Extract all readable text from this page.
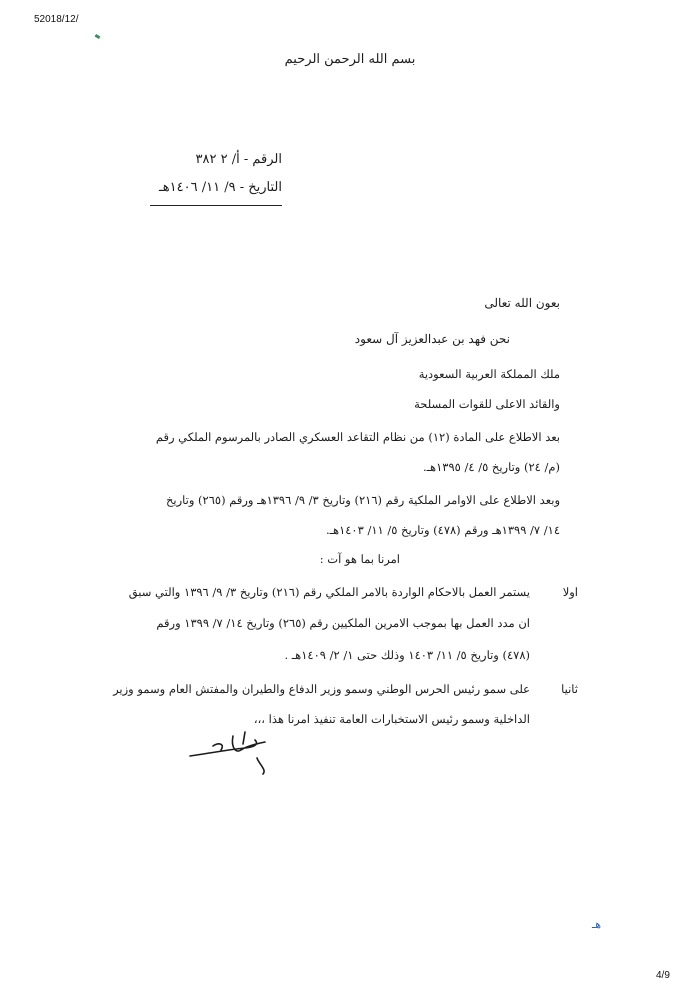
52018/12/
بسم الله الرحمن الرحيم
الرقم - أ/ ٢ ٣٨٢
التاريخ - ٩/ ١١/ ١٤٠٦هـ
بعون الله تعالى
نحن فهد بن عبدالعزيز آل سعود
ملك المملكة العربية السعودية
والقائد الاعلى للقوات المسلحة
بعد الاطلاع على المادة (١٢) من نظام التقاعد العسكري الصادر بالمرسوم الملكي رقم
(م/ ٢٤) وتاريخ ٥/ ٤/ ١٣٩٥هـ.
وبعد الاطلاع على الاوامر الملكية رقم (٢١٦) وتاريخ ٣/ ٩/ ١٣٩٦هـ ورقم (٢٦٥) وتاريخ
١٤/ ٧/ ١٣٩٩هـ ورقم (٤٧٨) وتاريخ ٥/ ١١/ ١٤٠٣هـ.
امرنا بما هو آت :
اولا
يستمر العمل بالاحكام الواردة بالامر الملكي رقم (٢١٦) وتاريخ ٣/ ٩/ ١٣٩٦ والتي سبق
ان مدد العمل بها بموجب الامرين الملكيين رقم (٢٦٥) وتاريخ ١٤/ ٧/ ١٣٩٩ ورقم
(٤٧٨) وتاريخ ٥/ ١١/ ١٤٠٣ وذلك حتى ١/ ٢/ ١٤٠٩هـ .
ثانيا
على سمو رئيس الحرس الوطني وسمو وزير الدفاع والطيران والمفتش العام وسمو وزير
الداخلية وسمو رئيس الاستخبارات العامة تنفيذ امرنا هذا ،،،
هـ
4/9
